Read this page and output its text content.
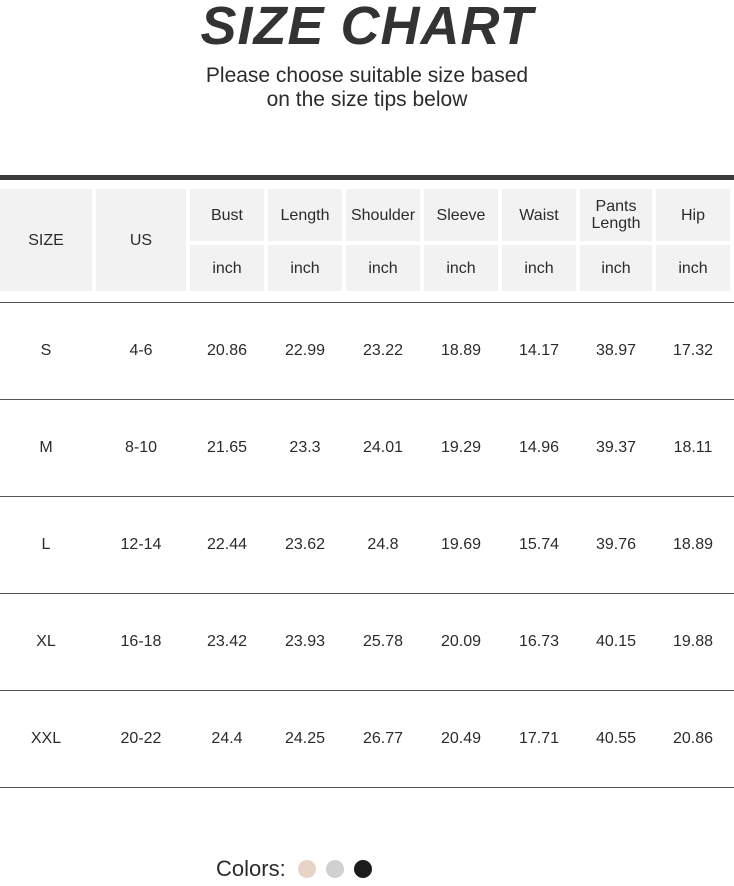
SIZE CHART
Please choose suitable size based
on the size tips below
SIZE	US
Bust	Length	Shoulder	Sleeve	Waist	Pants Length	Hip
inch	inch	inch	inch	inch	inch	inch
S	4-6	20.86	22.99	23.22	18.89	14.17	38.97	17.32
M	8-10	21.65	23.3	24.01	19.29	14.96	39.37	18.11
L	12-14	22.44	23.62	24.8	19.69	15.74	39.76	18.89
XL	16-18	23.42	23.93	25.78	20.09	16.73	40.15	19.88
XXL	20-22	24.4	24.25	26.77	20.49	17.71	40.55	20.86
Colors:
